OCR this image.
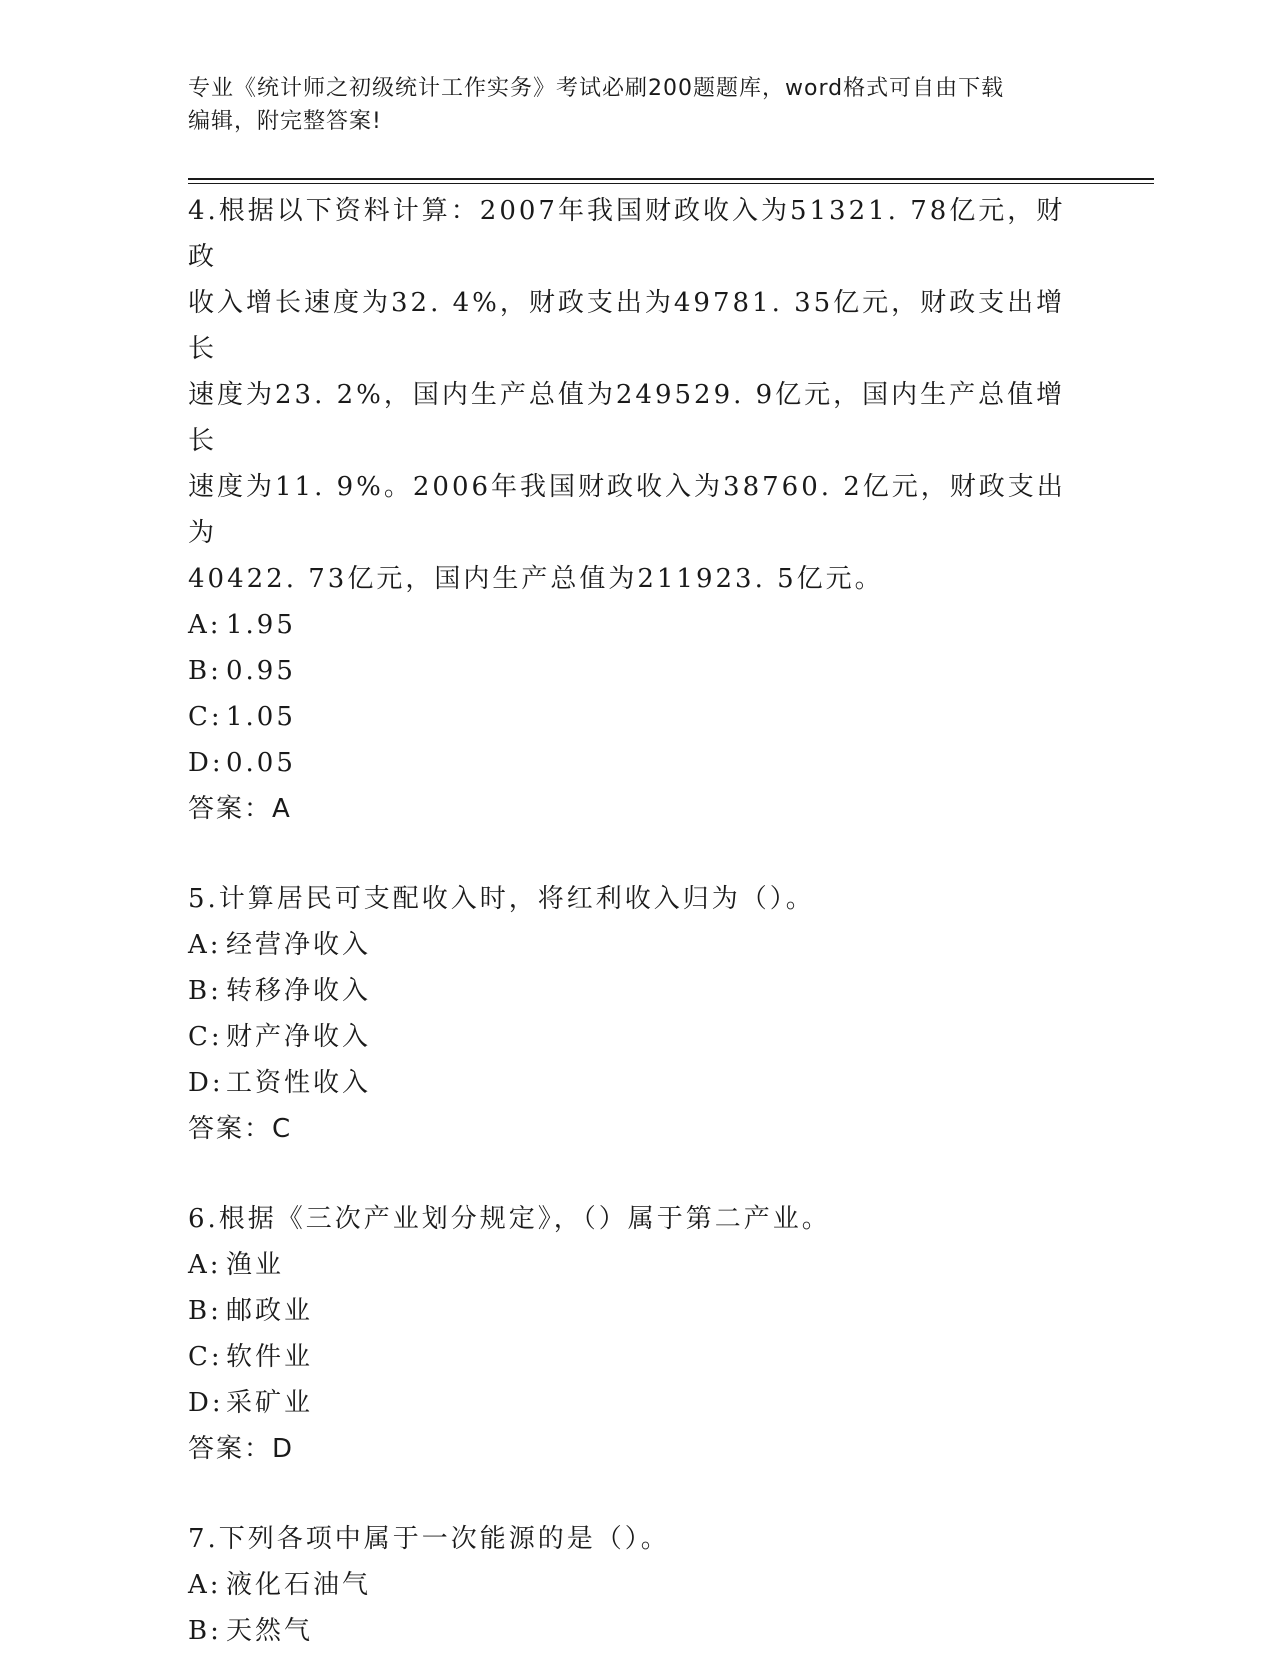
专业《统计师之初级统计工作实务》考试必刷200题题库，word格式可自由下载
编辑，附完整答案!

4.根据以下资料计算：2007年我国财政收入为51321. 78亿元，财政

收入增长速度为32. 4%，财政支出为49781. 35亿元，财政支出增长

速度为23. 2%，国内生产总值为249529. 9亿元，国内生产总值增长

速度为11. 9%。2006年我国财政收入为38760. 2亿元，财政支出为

40422. 73亿元，国内生产总值为211923. 5亿元。

A: 1.95
B: 0.95
C: 1.05
D:0.05
答案：A

5.计算居民可支配收入时，将红利收入归为（）。

A: 经营净收入
B: 转移净收入
C: 财产净收入
D:工资性收入
答案：C

6.根据《三次产业划分规定》，（）属于第二产业。

A: 渔业
B: 邮政业
C: 软件业
D:采矿业
答案：D

7.下列各项中属于一次能源的是（）。

A: 液化石油气
B: 天然气
